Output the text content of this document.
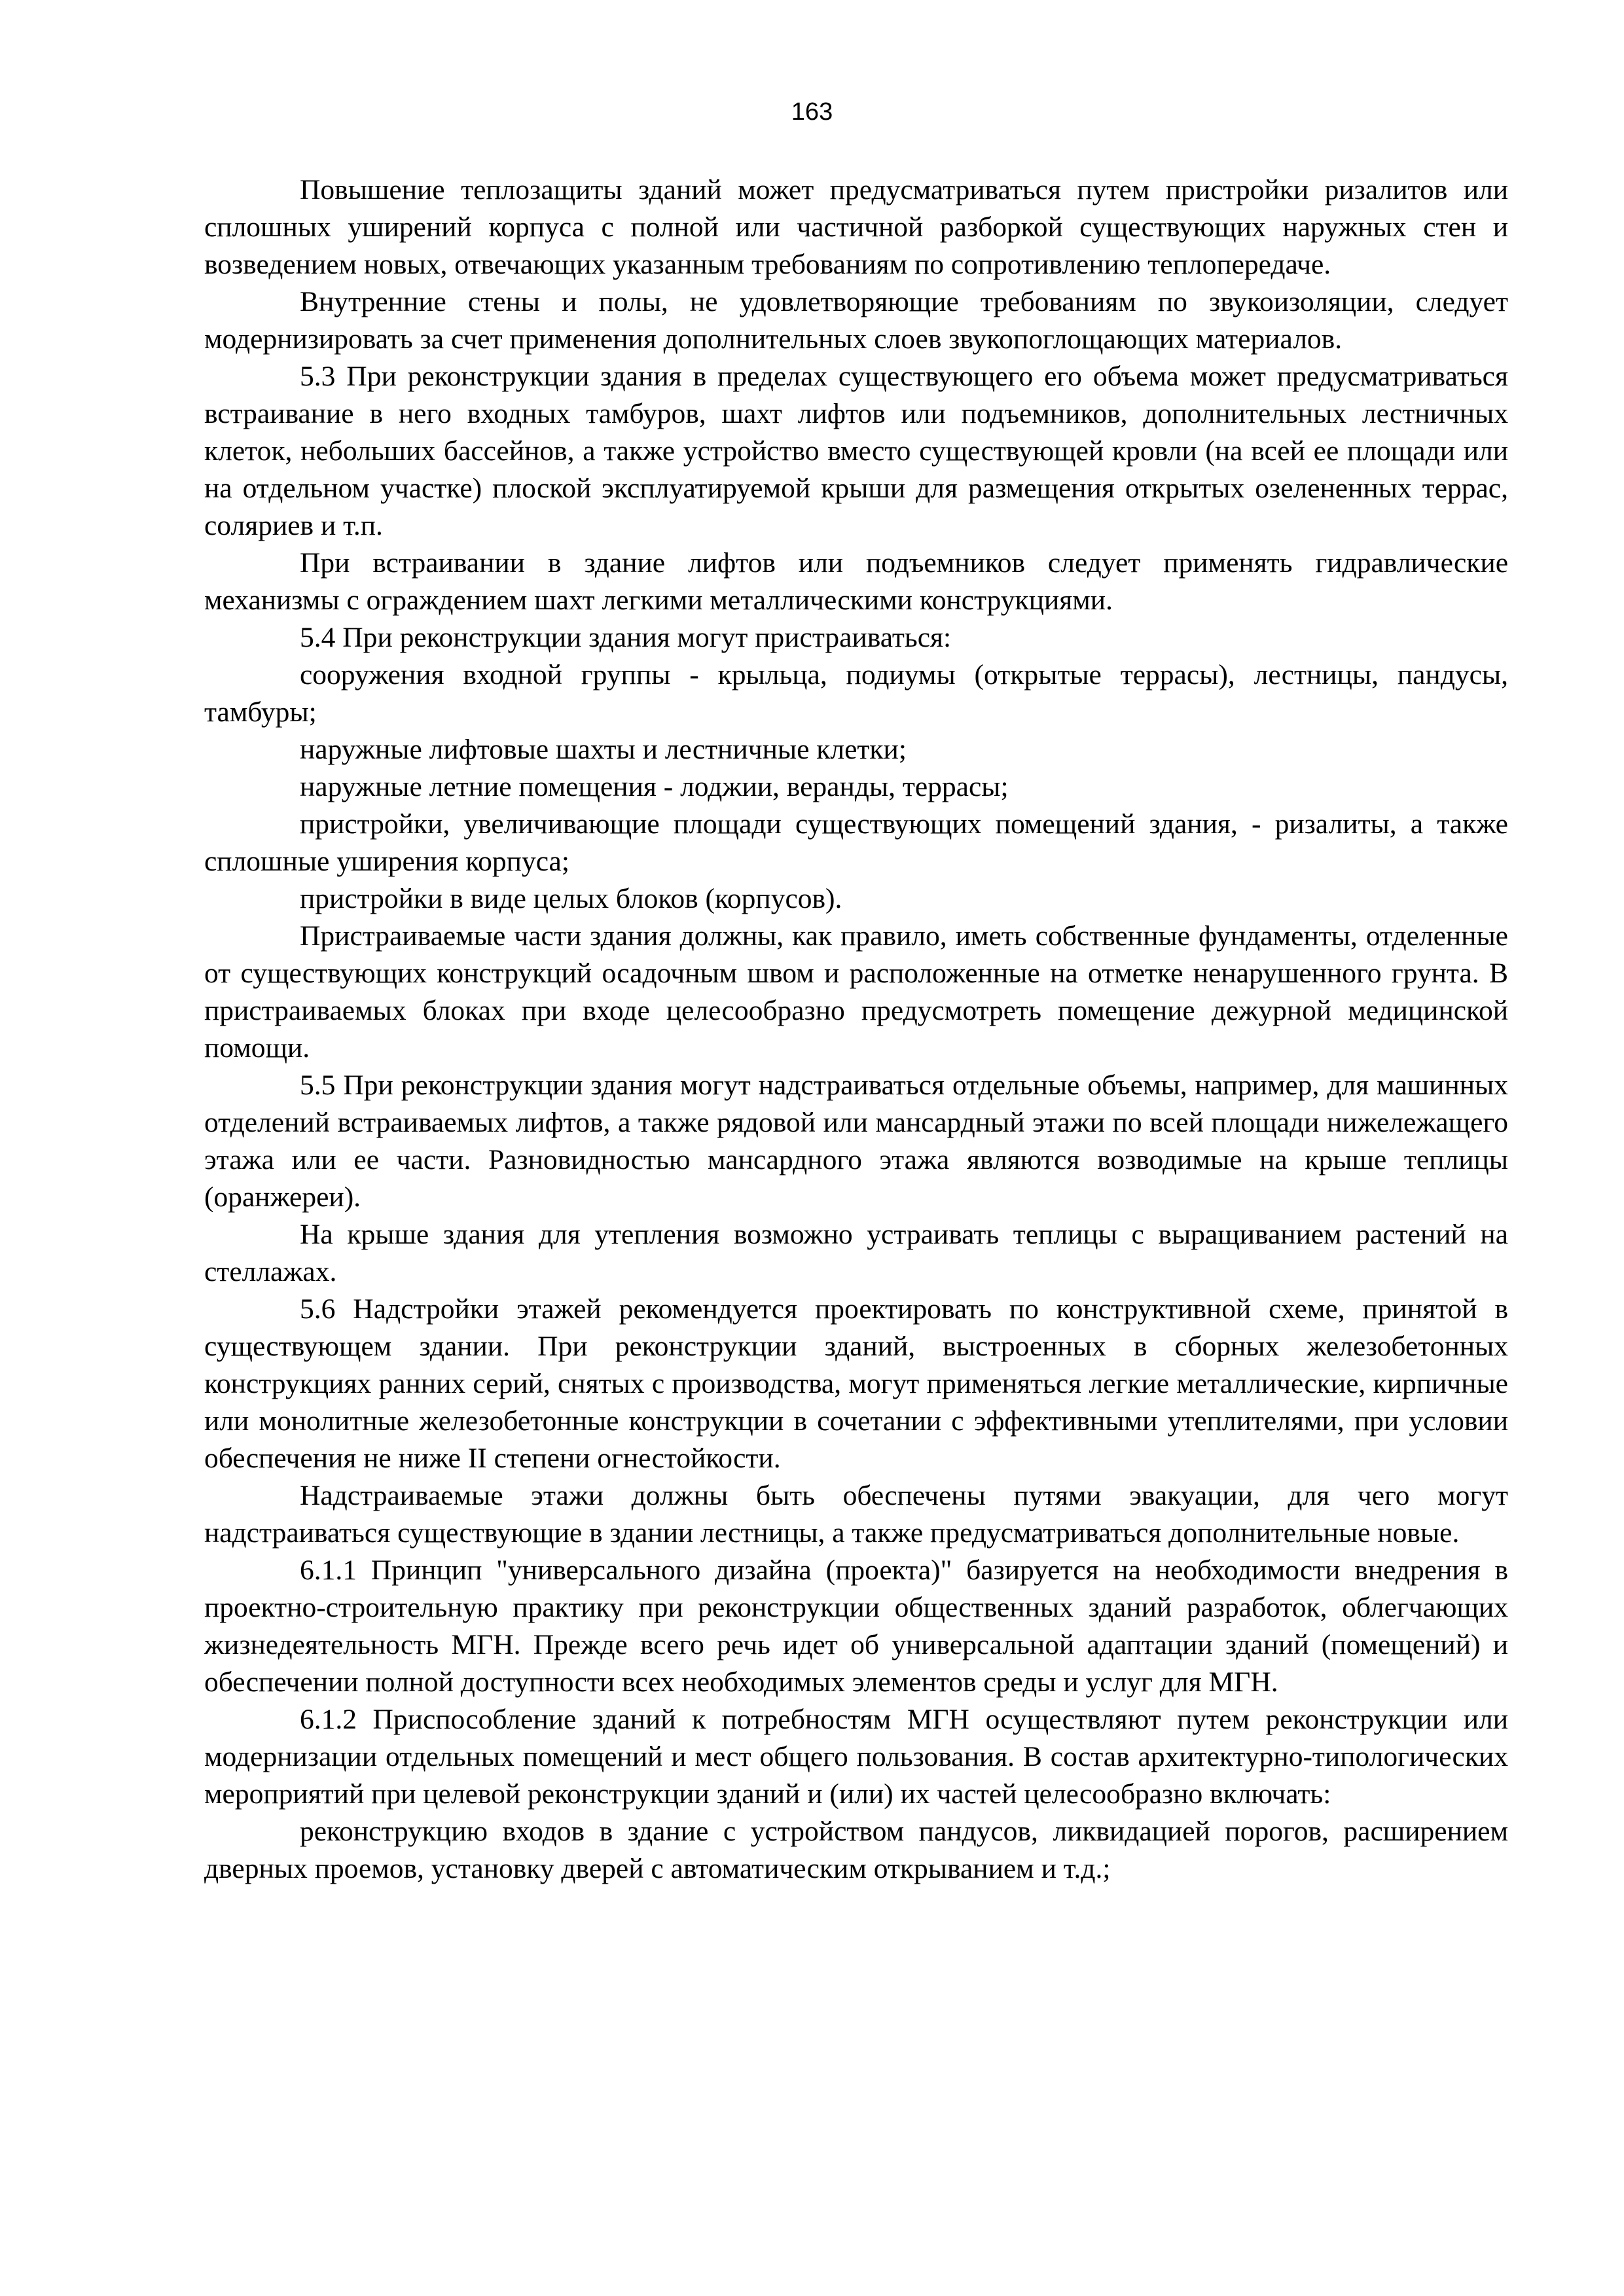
163

Повышение теплозащиты зданий может предусматриваться путем пристройки ризалитов или сплошных уширений корпуса с полной или частичной разборкой существующих наружных стен и возведением новых, отвечающих указанным требованиям по сопротивлению теплопередаче.

Внутренние стены и полы, не удовлетворяющие требованиям по звукоизоляции, следует модернизировать за счет применения дополнительных слоев звукопоглощающих материалов.

5.3 При реконструкции здания в пределах существующего его объема может предусматриваться встраивание в него входных тамбуров, шахт лифтов или подъемников, дополнительных лестничных клеток, небольших бассейнов, а также устройство вместо существующей кровли (на всей ее площади или на отдельном участке) плоской эксплуатируемой крыши для размещения открытых озелененных террас, соляриев и т.п.

При встраивании в здание лифтов или подъемников следует применять гидравлические механизмы с ограждением шахт легкими металлическими конструкциями.

5.4 При реконструкции здания могут пристраиваться:

сооружения входной группы - крыльца, подиумы (открытые террасы), лестницы, пандусы, тамбуры;

наружные лифтовые шахты и лестничные клетки;

наружные летние помещения - лоджии, веранды, террасы;

пристройки, увеличивающие площади существующих помещений здания, - ризалиты, а также сплошные уширения корпуса;

пристройки в виде целых блоков (корпусов).

Пристраиваемые части здания должны, как правило, иметь собственные фундаменты, отделенные от существующих конструкций осадочным швом и расположенные на отметке ненарушенного грунта. В пристраиваемых блоках при входе целесообразно предусмотреть помещение дежурной медицинской помощи.

5.5 При реконструкции здания могут надстраиваться отдельные объемы, например, для машинных отделений встраиваемых лифтов, а также рядовой или мансардный этажи по всей площади нижележащего этажа или ее части. Разновидностью мансардного этажа являются возводимые на крыше теплицы (оранжереи).

На крыше здания для утепления возможно устраивать теплицы с выращиванием растений на стеллажах.

5.6 Надстройки этажей рекомендуется проектировать по конструктивной схеме, принятой в существующем здании. При реконструкции зданий, выстроенных в сборных железобетонных конструкциях ранних серий, снятых с производства, могут применяться легкие металлические, кирпичные или монолитные железобетонные конструкции в сочетании с эффективными утеплителями, при условии обеспечения не ниже II степени огнестойкости.

Надстраиваемые этажи должны быть обеспечены путями эвакуации, для чего могут надстраиваться существующие в здании лестницы, а также предусматриваться дополнительные новые.

6.1.1 Принцип "универсального дизайна (проекта)" базируется на необходимости внедрения в проектно-строительную практику при реконструкции общественных зданий разработок, облегчающих жизнедеятельность МГН. Прежде всего речь идет об универсальной адаптации зданий (помещений) и обеспечении полной доступности всех необходимых элементов среды и услуг для МГН.

6.1.2 Приспособление зданий к потребностям МГН осуществляют путем реконструкции или модернизации отдельных помещений и мест общего пользования. В состав архитектурно-типологических мероприятий при целевой реконструкции зданий и (или) их частей целесообразно включать:

реконструкцию входов в здание с устройством пандусов, ликвидацией порогов, расширением дверных проемов, установку дверей с автоматическим открыванием и т.д.;
